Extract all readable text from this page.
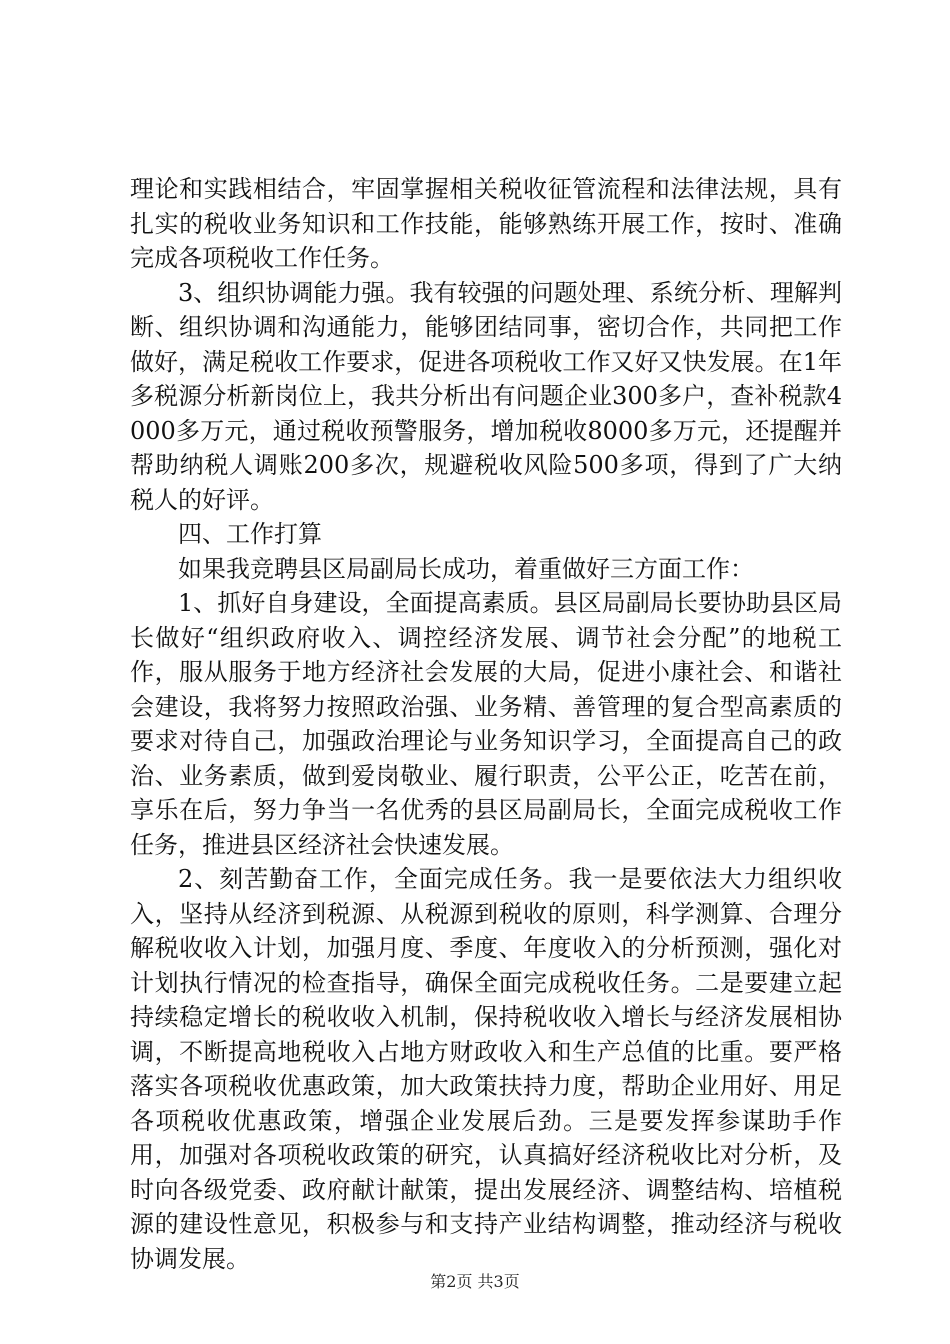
理论和实践相结合，牢固掌握相关税收征管流程和法律法规，具有扎实的税收业务知识和工作技能，能够熟练开展工作，按时、准确完成各项税收工作任务。

3、组织协调能力强。我有较强的问题处理、系统分析、理解判断、组织协调和沟通能力，能够团结同事，密切合作，共同把工作做好，满足税收工作要求，促进各项税收工作又好又快发展。在1年多税源分析新岗位上，我共分析出有问题企业300多户，查补税款4000多万元，通过税收预警服务，增加税收8000多万元，还提醒并帮助纳税人调账200多次，规避税收风险500多项，得到了广大纳税人的好评。

四、工作打算

如果我竞聘县区局副局长成功，着重做好三方面工作：

1、抓好自身建设，全面提高素质。县区局副局长要协助县区局长做好“组织政府收入、调控经济发展、调节社会分配”的地税工作，服从服务于地方经济社会发展的大局，促进小康社会、和谐社会建设，我将努力按照政治强、业务精、善管理的复合型高素质的要求对待自己，加强政治理论与业务知识学习，全面提高自己的政治、业务素质，做到爱岗敬业、履行职责，公平公正，吃苦在前，享乐在后，努力争当一名优秀的县区局副局长，全面完成税收工作任务，推进县区经济社会快速发展。

2、刻苦勤奋工作，全面完成任务。我一是要依法大力组织收入，坚持从经济到税源、从税源到税收的原则，科学测算、合理分解税收收入计划，加强月度、季度、年度收入的分析预测，强化对计划执行情况的检查指导，确保全面完成税收任务。二是要建立起持续稳定增长的税收收入机制，保持税收收入增长与经济发展相协调，不断提高地税收入占地方财政收入和生产总值的比重。要严格落实各项税收优惠政策，加大政策扶持力度，帮助企业用好、用足各项税收优惠政策，增强企业发展后劲。三是要发挥参谋助手作用，加强对各项税收政策的研究，认真搞好经济税收比对分析，及时向各级党委、政府献计献策，提出发展经济、调整结构、培植税源的建设性意见，积极参与和支持产业结构调整，推动经济与税收协调发展。

第2页 共3页
